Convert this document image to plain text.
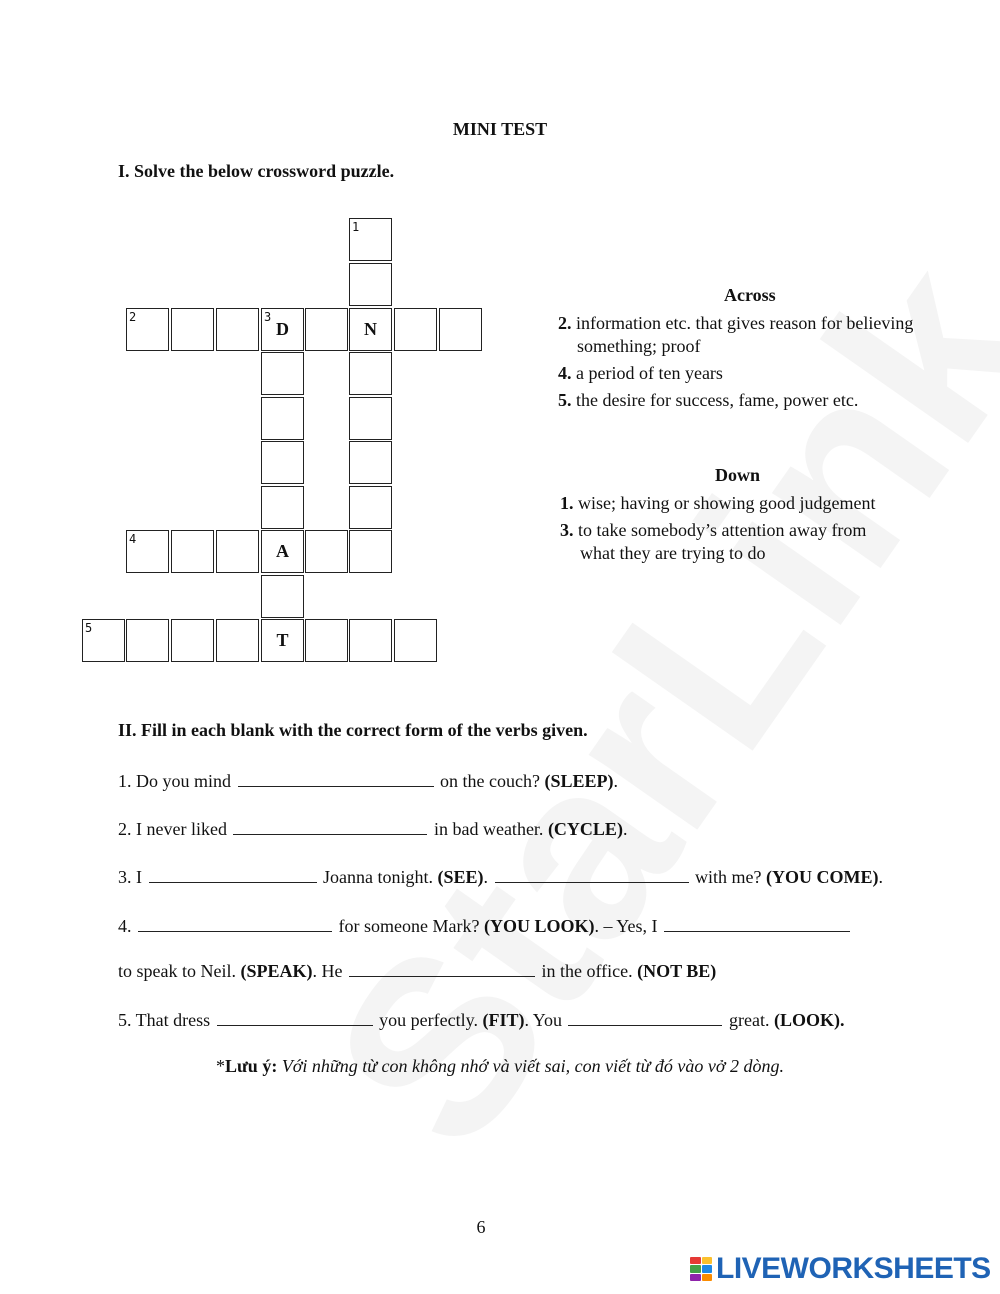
MINI TEST
I. Solve the below crossword puzzle.
1
2	3
D	N
4
A
5
T
Across
2. information etc. that gives reason for believing
something; proof
4. a period of ten years
5. the desire for success, fame, power etc.
Down
1. wise; having or showing good judgement
3. to take somebody’s attention away from
what they are trying to do
II. Fill in each blank with the correct form of the verbs given.
1. Do you mind	on the couch? (SLEEP).
2. I never liked	in bad weather. (CYCLE).
3. I	Joanna tonight. (SEE).	with me? (YOU COME).
4.	for someone Mark? (YOU LOOK). – Yes, I
to speak to Neil. (SPEAK). He	in the office. (NOT BE)
5. That dress	you perfectly. (FIT). You	great. (LOOK).
*Lưu ý: Với những từ con không nhớ và viết sai, con viết từ đó vào vở 2 dòng.
6
LIVEWORKSHEETS
